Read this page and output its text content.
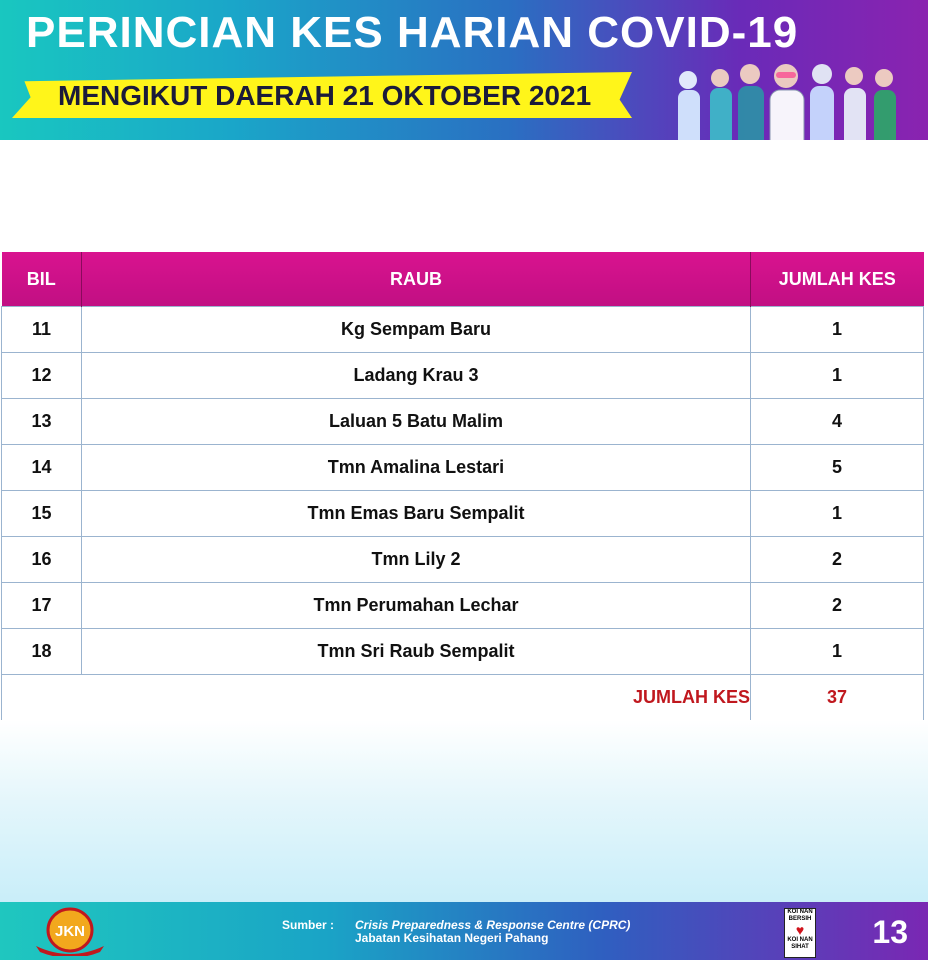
PERINCIAN KES HARIAN COVID-19
MENGIKUT DAERAH 21 OKTOBER 2021
BIL	RAUB	JUMLAH KES
11	Kg Sempam Baru	1
12	Ladang Krau 3	1
13	Laluan 5 Batu Malim	4
14	Tmn Amalina Lestari	5
15	Tmn Emas Baru Sempalit	1
16	Tmn Lily 2	2
17	Tmn Perumahan Lechar	2
18	Tmn Sri Raub Sempalit	1
JUMLAH KES		37
JKN	Sumber : Crisis Preparedness & Response Centre (CPRC)
Jabatan Kesihatan Negeri Pahang
KOI NAN
BERSIH
♥
KOI NAN
SIHAT 13
